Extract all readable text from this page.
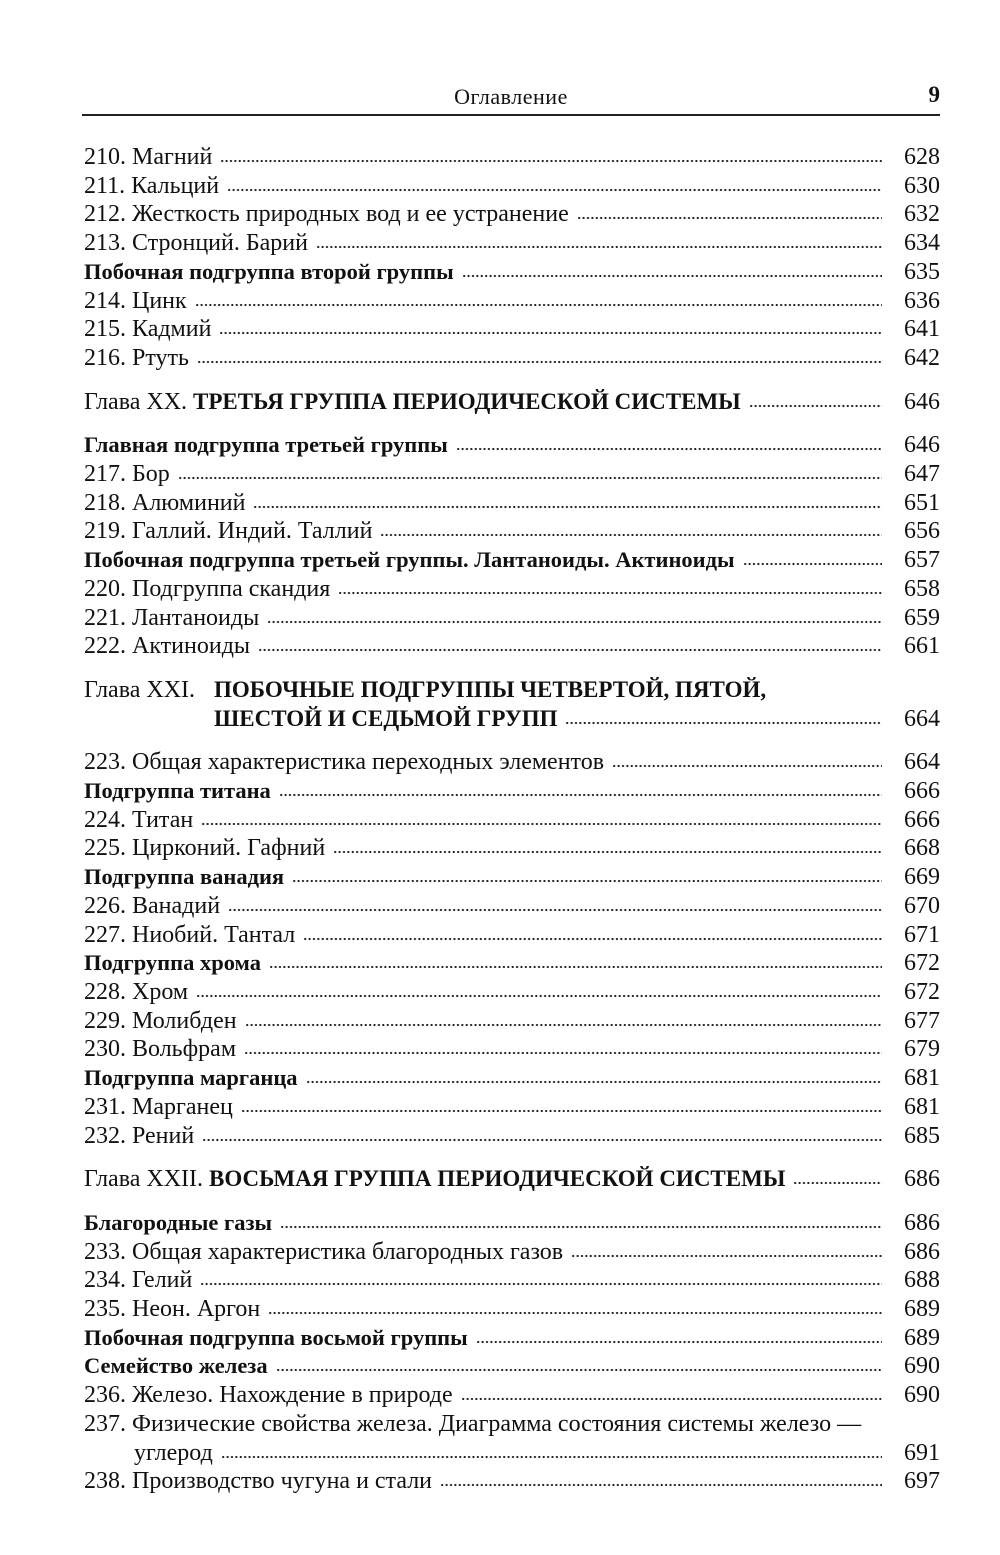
Оглавление	9
210. Магний	628
211. Кальций	630
212. Жесткость природных вод и ее устранение	632
213. Стронций. Барий	634
Побочная подгруппа второй группы	635
214. Цинк	636
215. Кадмий	641
216. Ртуть	642
Глава XX. ТРЕТЬЯ ГРУППА ПЕРИОДИЧЕСКОЙ СИСТЕМЫ	646
Главная подгруппа третьей группы	646
217. Бор	647
218. Алюминий	651
219. Галлий. Индий. Таллий	656
Побочная подгруппа третьей группы. Лантаноиды. Актиноиды	657
220. Подгруппа скандия	658
221. Лантаноиды	659
222. Актиноиды	661
Глава XXI. ПОБОЧНЫЕ ПОДГРУППЫ ЧЕТВЕРТОЙ, ПЯТОЙ,
ШЕСТОЙ И СЕДЬМОЙ ГРУПП	664
223. Общая характеристика переходных элементов	664
Подгруппа титана	666
224. Титан	666
225. Цирконий. Гафний	668
Подгруппа ванадия	669
226. Ванадий	670
227. Ниобий. Тантал	671
Подгруппа хрома	672
228. Хром	672
229. Молибден	677
230. Вольфрам	679
Подгруппа марганца	681
231. Марганец	681
232. Рений	685
Глава XXII. ВОСЬМАЯ ГРУППА ПЕРИОДИЧЕСКОЙ СИСТЕМЫ	686
Благородные газы	686
233. Общая характеристика благородных газов	686
234. Гелий	688
235. Неон. Аргон	689
Побочная подгруппа восьмой группы	689
Семейство железа	690
236. Железо. Нахождение в природе	690
237. Физические свойства железа. Диаграмма состояния системы железо —
углерод	691
238. Производство чугуна и стали	697
